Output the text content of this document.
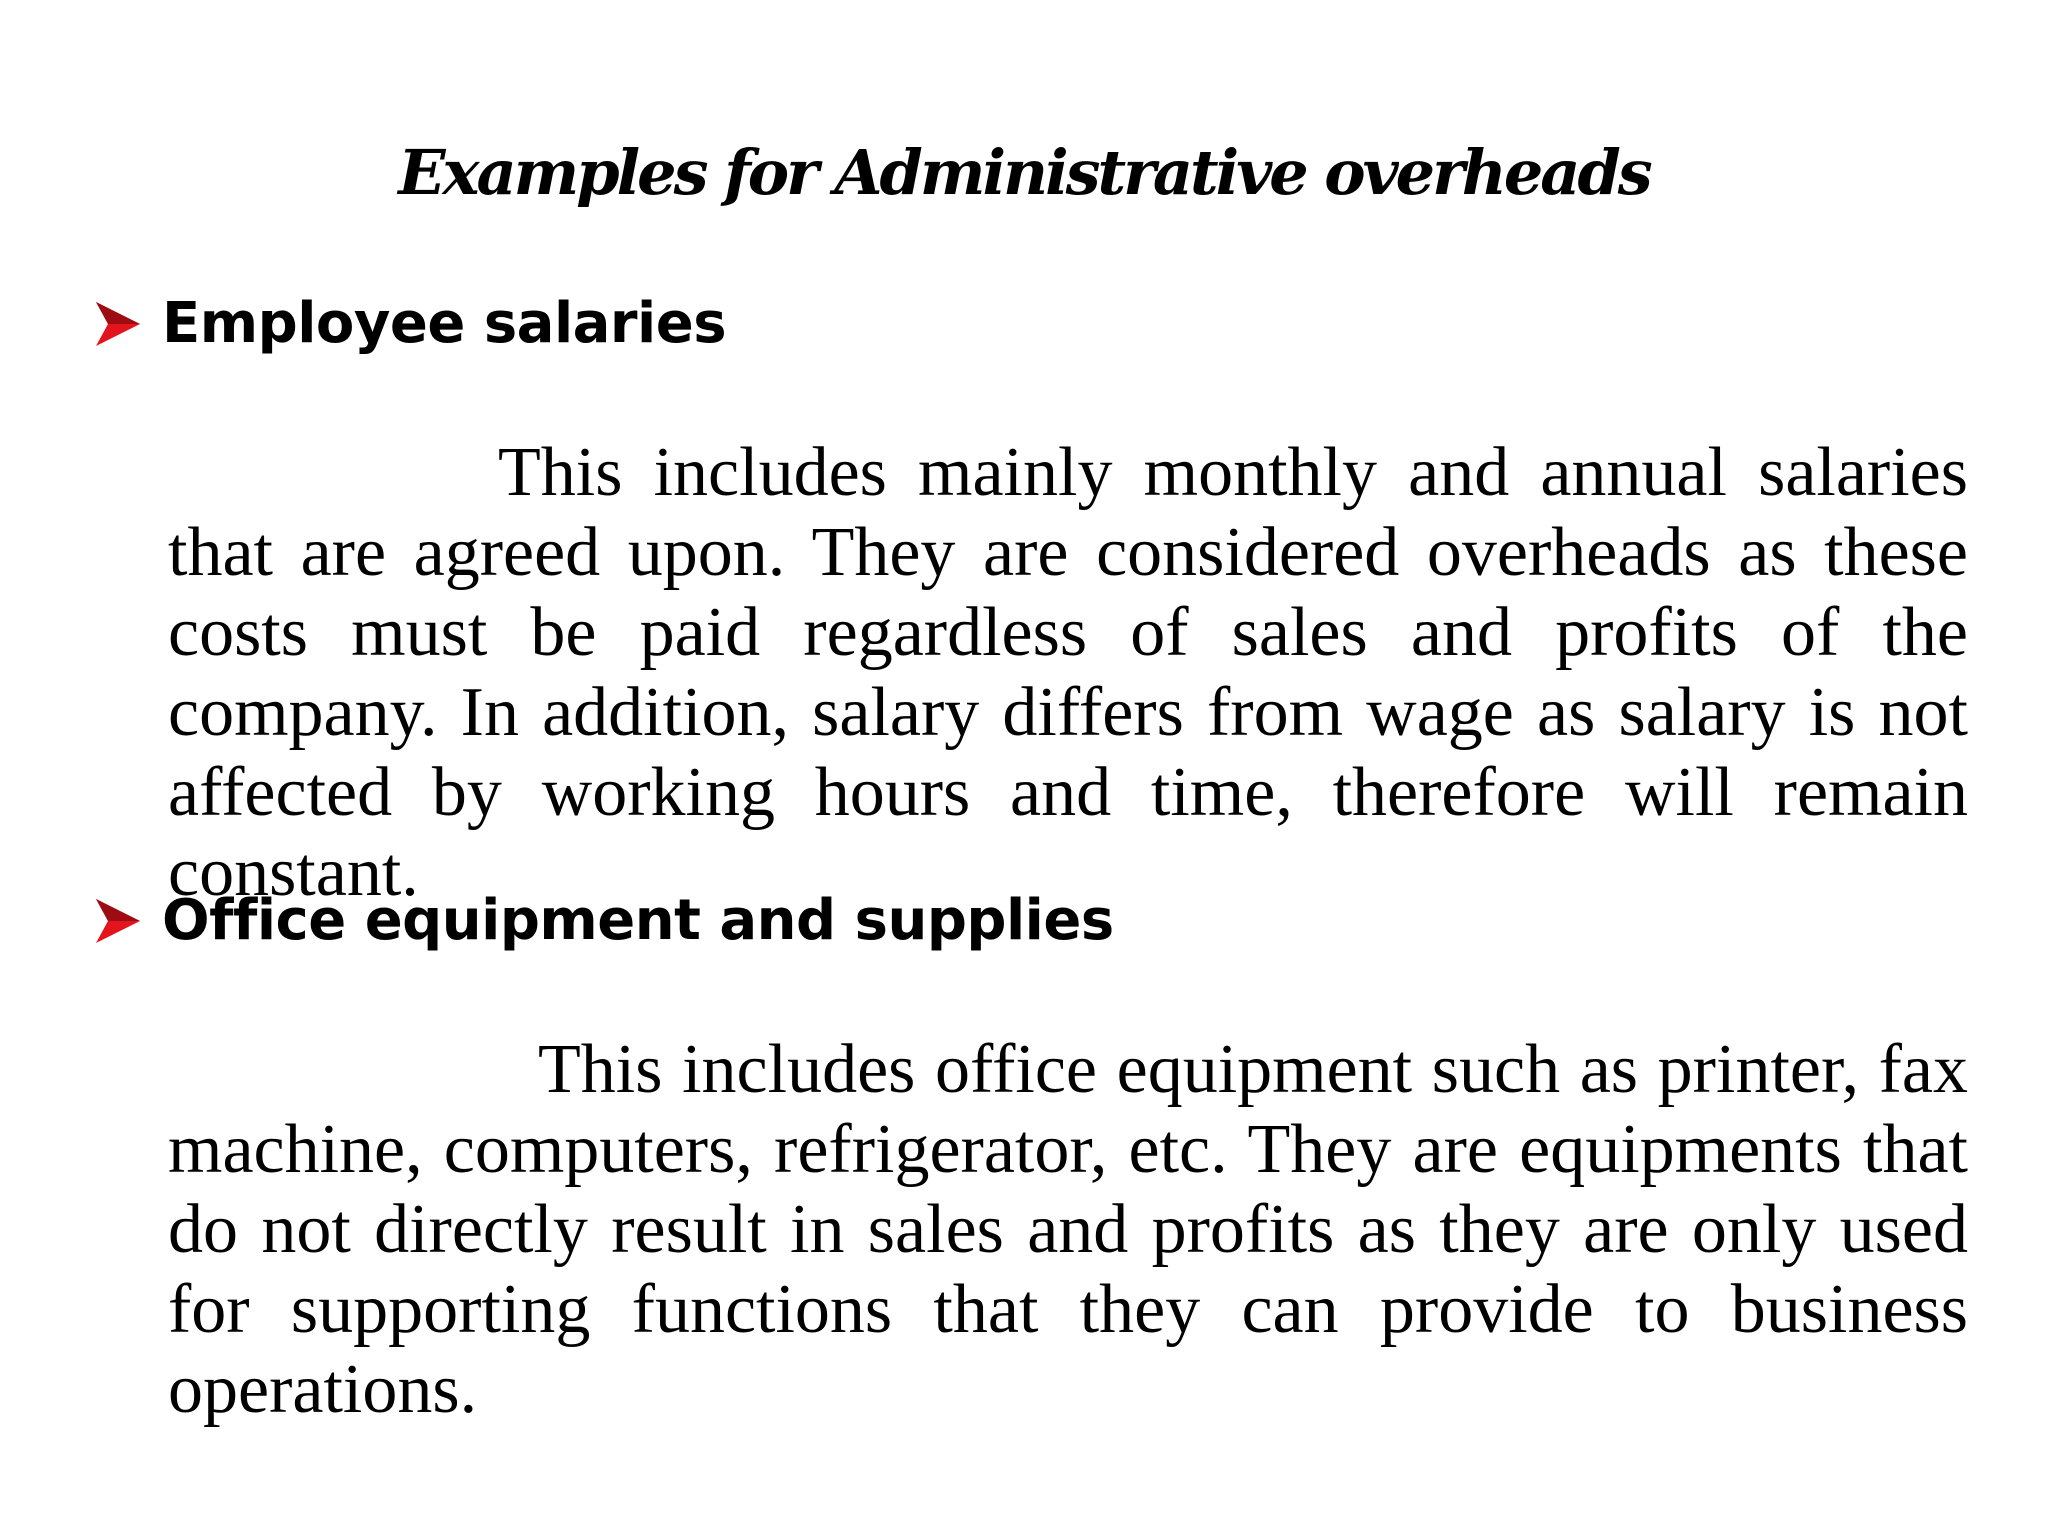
Examples for Administrative overheads
Employee salaries

This includes mainly monthly and annual salaries that are agreed upon. They are considered overheads as these costs must be paid regardless of sales and profits of the company. In addition, salary differs from wage as salary is not affected by working hours and time, therefore will remain constant.

Office equipment and supplies

This includes office equipment such as printer, fax machine, computers, refrigerator, etc. They are equipments that do not directly result in sales and profits as they are only used for supporting functions that they can provide to business operations.
